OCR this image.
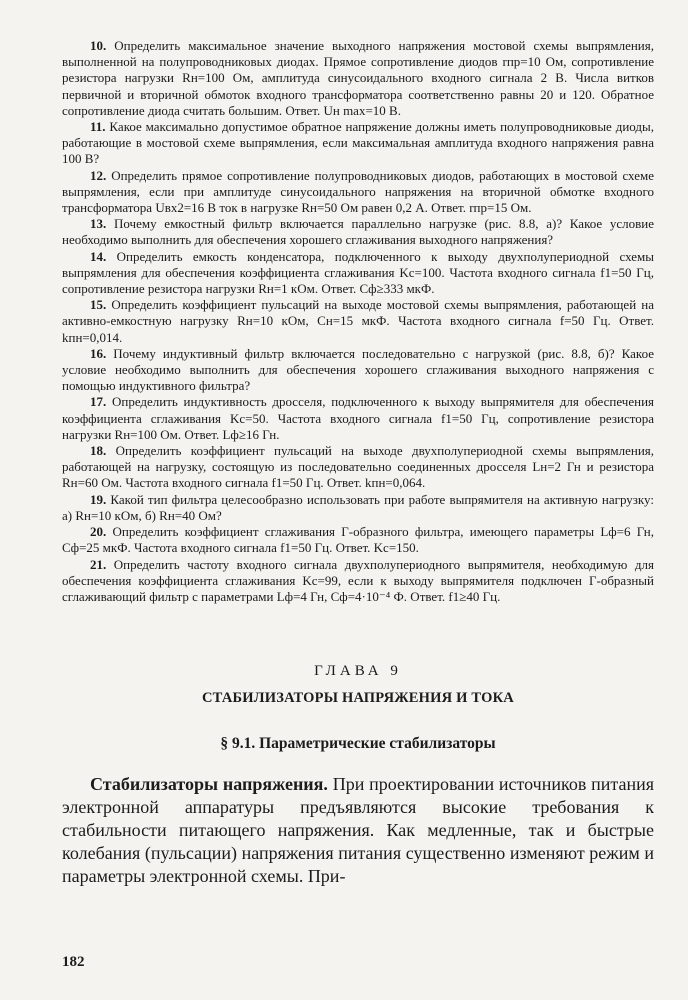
10. Определить максимальное значение выходного напряжения мостовой схемы выпрямления, выполненной на полупроводниковых диодах. Прямое сопротивление диодов rпр=10 Ом, сопротивление резистора нагрузки Rн=100 Ом, амплитуда синусоидального входного сигнала 2 В. Числа витков первичной и вторичной обмоток входного трансформатора соответственно равны 20 и 120. Обратное сопротивление диода считать большим. Ответ. Uн max=10 В.

11. Какое максимально допустимое обратное напряжение должны иметь полупроводниковые диоды, работающие в мостовой схеме выпрямления, если максимальная амплитуда входного напряжения равна 100 В?

12. Определить прямое сопротивление полупроводниковых диодов, работающих в мостовой схеме выпрямления, если при амплитуде синусоидального напряжения на вторичной обмотке входного трансформатора Uвх2=16 В ток в нагрузке Rн=50 Ом равен 0,2 А. Ответ. rпр=15 Ом.

13. Почему емкостный фильтр включается параллельно нагрузке (рис. 8.8, а)? Какое условие необходимо выполнить для обеспечения хорошего сглаживания выходного напряжения?

14. Определить емкость конденсатора, подключенного к выходу двухполупериодной схемы выпрямления для обеспечения коэффициента сглаживания Kс=100. Частота входного сигнала f1=50 Гц, сопротивление резистора нагрузки Rн=1 кОм. Ответ. Cф≥333 мкФ.

15. Определить коэффициент пульсаций на выходе мостовой схемы выпрямления, работающей на активно-емкостную нагрузку Rн=10 кОм, Cн=15 мкФ. Частота входного сигнала f=50 Гц. Ответ. kпн=0,014.

16. Почему индуктивный фильтр включается последовательно с нагрузкой (рис. 8.8, б)? Какое условие необходимо выполнить для обеспечения хорошего сглаживания выходного напряжения с помощью индуктивного фильтра?

17. Определить индуктивность дросселя, подключенного к выходу выпрямителя для обеспечения коэффициента сглаживания Kс=50. Частота входного сигнала f1=50 Гц, сопротивление резистора нагрузки Rн=100 Ом. Ответ. Lф≥16 Гн.

18. Определить коэффициент пульсаций на выходе двухполупериодной схемы выпрямления, работающей на нагрузку, состоящую из последовательно соединенных дросселя Lн=2 Гн и резистора Rн=60 Ом. Частота входного сигнала f1=50 Гц. Ответ. kпн=0,064.

19. Какой тип фильтра целесообразно использовать при работе выпрямителя на активную нагрузку: а) Rн=10 кОм, б) Rн=40 Ом?

20. Определить коэффициент сглаживания Г-образного фильтра, имеющего параметры Lф=6 Гн, Cф=25 мкФ. Частота входного сигнала f1=50 Гц. Ответ. Kс=150.

21. Определить частоту входного сигнала двухполупериодного выпрямителя, необходимую для обеспечения коэффициента сглаживания Kс=99, если к выходу выпрямителя подключен Г-образный сглаживающий фильтр с параметрами Lф=4 Гн, Cф=4·10⁻⁴ Ф. Ответ. f1≥40 Гц.

ГЛАВА 9
СТАБИЛИЗАТОРЫ НАПРЯЖЕНИЯ И ТОКА
§ 9.1. Параметрические стабилизаторы

Стабилизаторы напряжения. При проектировании источников питания электронной аппаратуры предъявляются высокие требования к стабильности питающего напряжения. Как медленные, так и быстрые колебания (пульсации) напряжения питания существенно изменяют режим и параметры электронной схемы. При-

182
